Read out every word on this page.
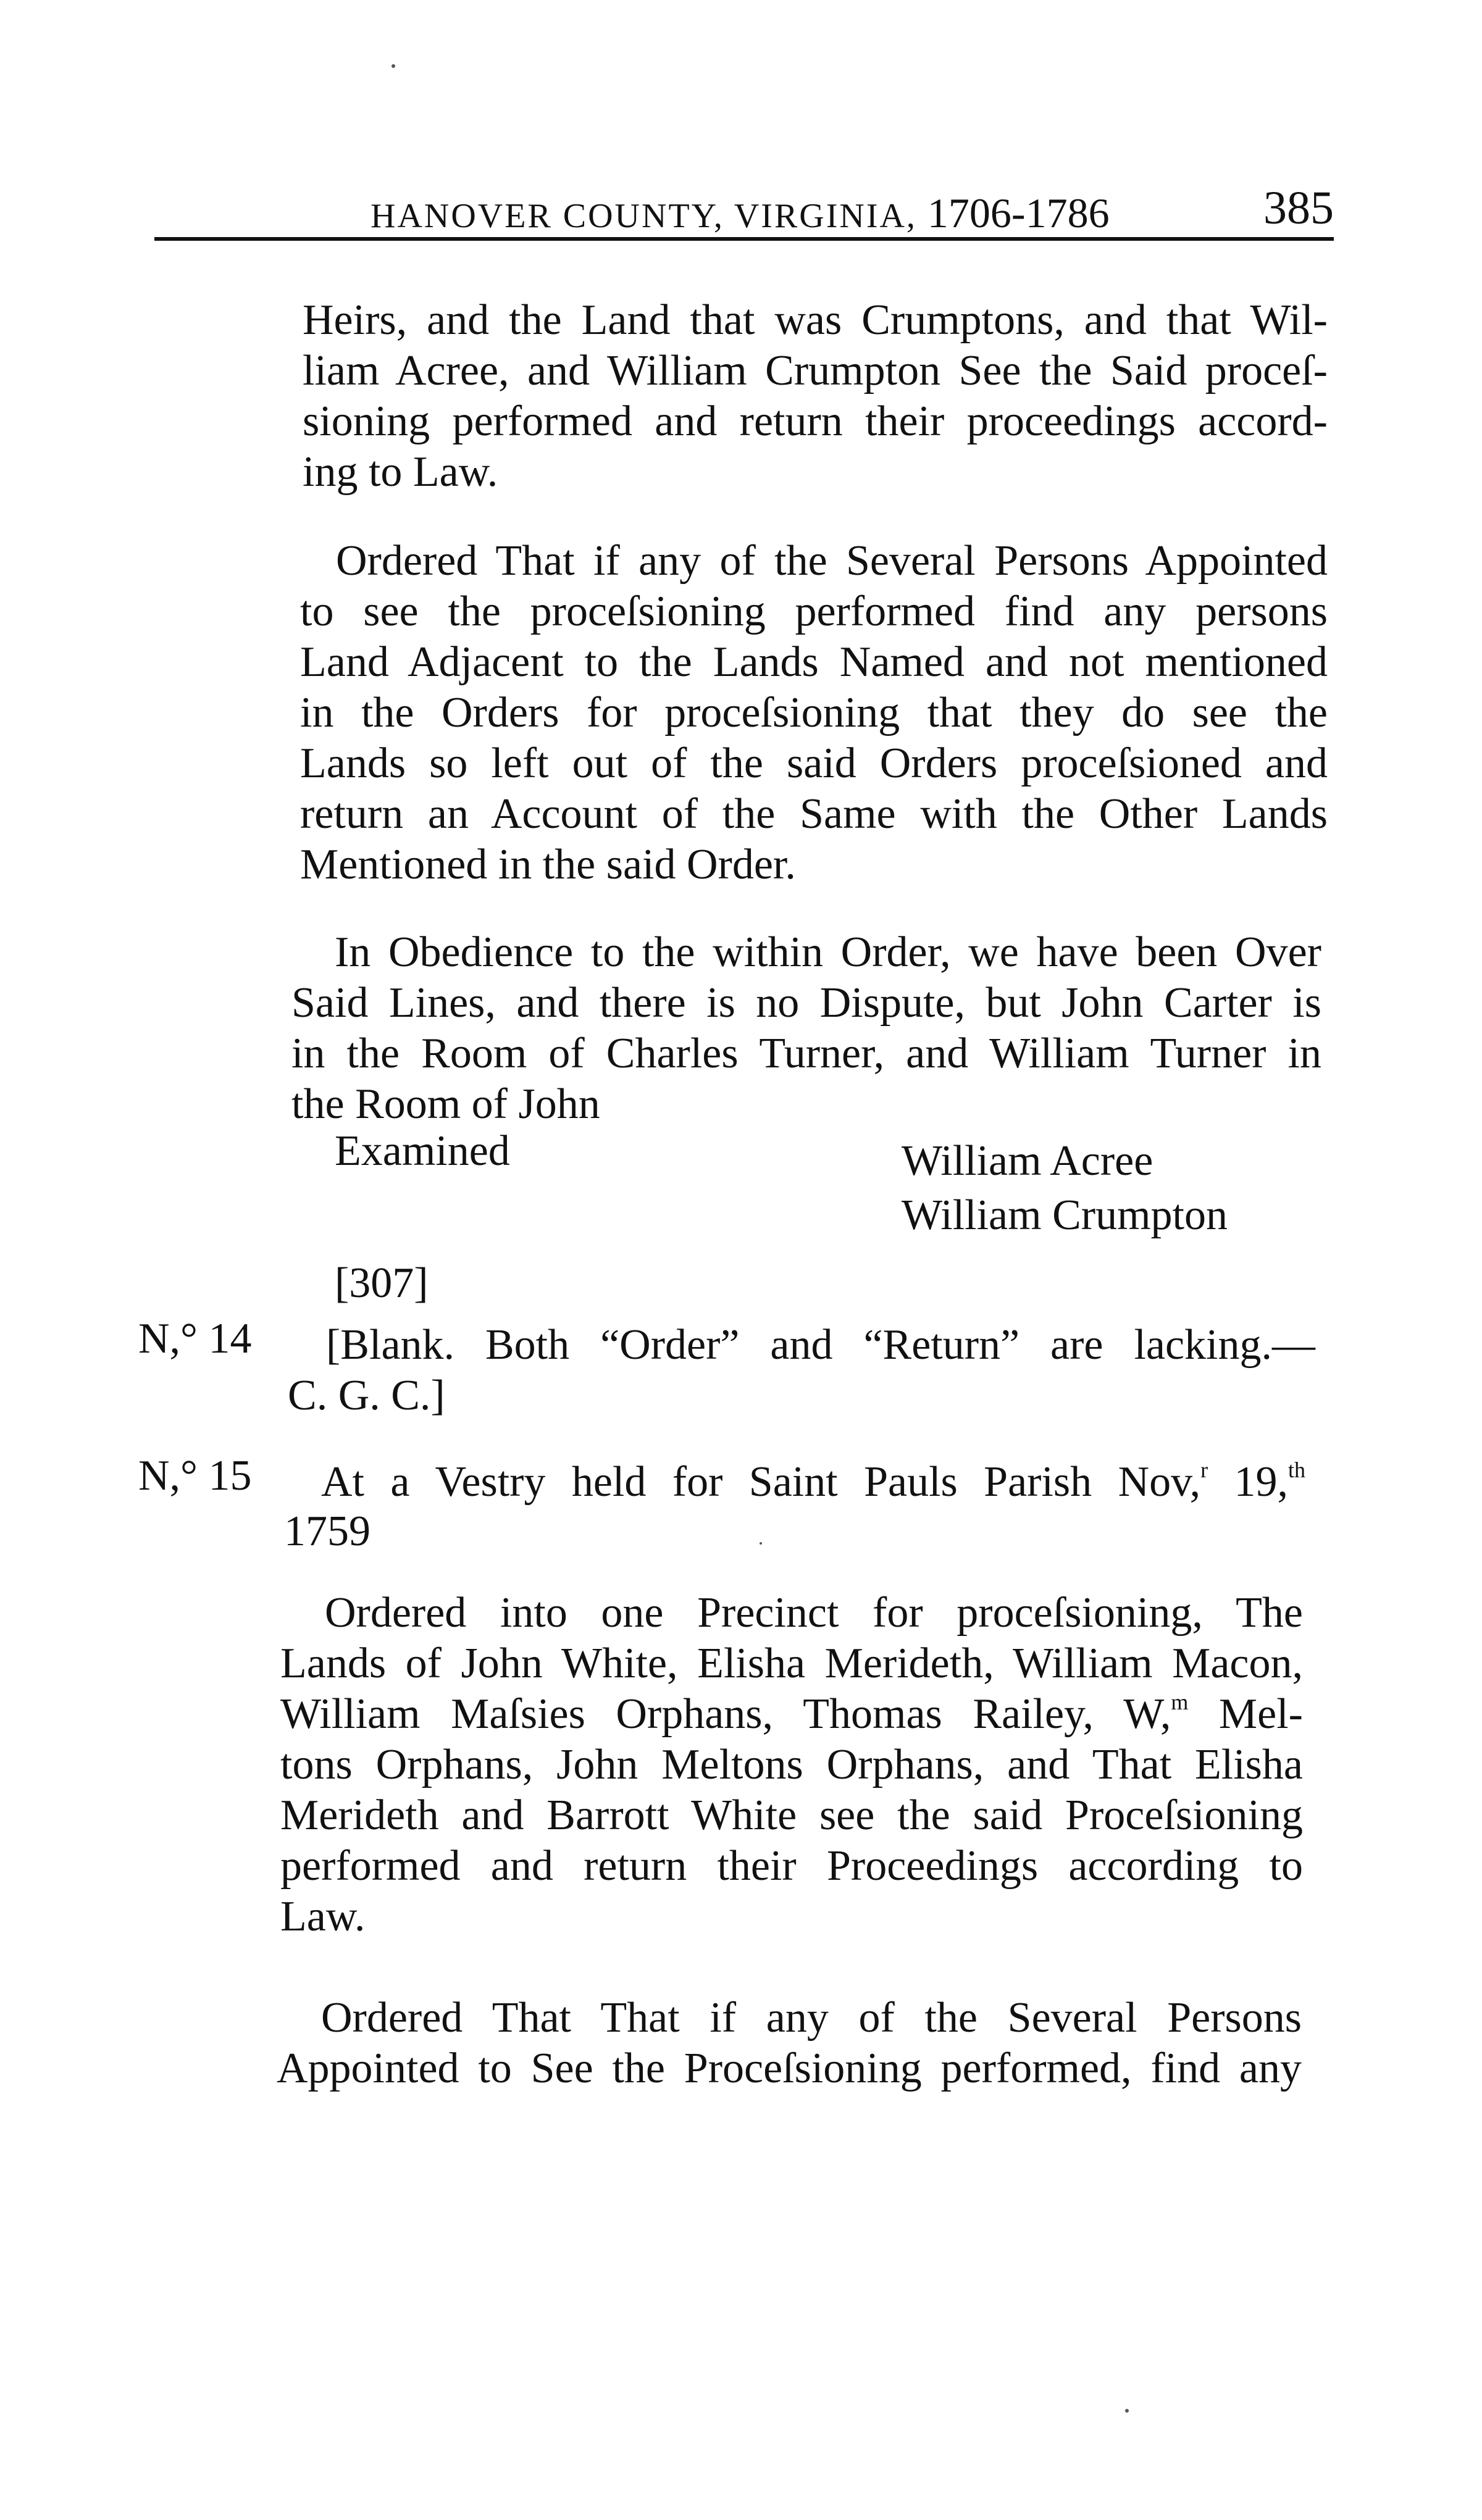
HANOVER COUNTY, VIRGINIA, 1706-1786	385
Heirs, and the Land that was Crumptons, and that Wil-
liam Acree, and William Crumpton See the Said proceſ-
sioning performed and return their proceedings accord-
ing to Law.
Ordered That if any of the Several Persons Appointed
to see the proceſsioning performed find any persons
Land Adjacent to the Lands Named and not mentioned
in the Orders for proceſsioning that they do see the
Lands so left out of the said Orders proceſsioned and
return an Account of the Same with the Other Lands
Mentioned in the said Order.
In Obedience to the within Order, we have been Over
Said Lines, and there is no Dispute, but John Carter is
in the Room of Charles Turner, and William Turner in
the Room of John
Examined	William Acree
William Crumpton
[307]
N,° 14 [Blank. Both “Order” and “Return” are lacking.—
C. G. C.]
N,° 15 At a Vestry held for Saint Pauls Parish Nov,$^r$ 19,$^{th}$
1759
Ordered into one Precinct for proceſsioning, The
Lands of John White, Elisha Merideth, William Macon,
William Maſsies Orphans, Thomas Railey, W,$^m$ Mel-
tons Orphans, John Meltons Orphans, and That Elisha
Merideth and Barrott White see the said Proceſsioning
performed and return their Proceedings according to
Law.
Ordered That That if any of the Several Persons
Appointed to See the Proceſsioning performed, find any
